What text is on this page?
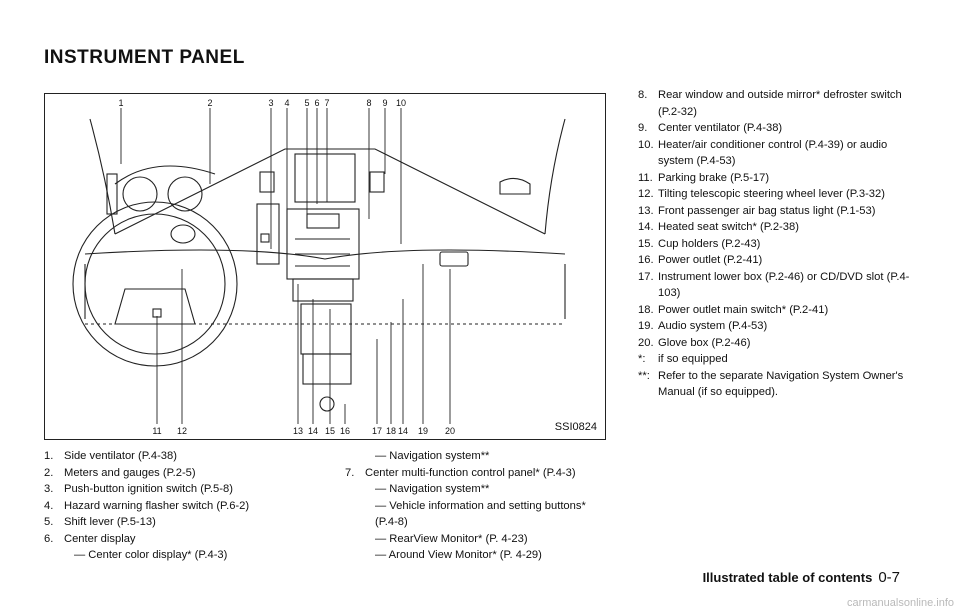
INSTRUMENT PANEL
1	2	3 4 5 6 7	8 9 10
11 12	13 14 15 16 17 18 14 19 20	SSI0824
1. Side ventilator (P.4-38)
2. Meters and gauges (P.2-5)
3. Push-button ignition switch (P.5-8)
4. Hazard warning flasher switch (P.6-2)
5. Shift lever (P.5-13)
6. Center display
— Center color display* (P.4-3)
— Navigation system**
7. Center multi-function control panel* (P.4-3)
— Navigation system**
— Vehicle information and setting buttons*
(P.4-8)
— RearView Monitor* (P. 4-23)
— Around View Monitor* (P. 4-29)
8. Rear window and outside mirror* defroster switch (P.2-32)
9. Center ventilator (P.4-38)
10. Heater/air conditioner control (P.4-39) or audio system (P.4-53)
11. Parking brake (P.5-17)
12. Tilting telescopic steering wheel lever (P.3-32)
13. Front passenger air bag status light (P.1-53)
14. Heated seat switch* (P.2-38)
15. Cup holders (P.2-43)
16. Power outlet (P.2-41)
17. Instrument lower box (P.2-46) or CD/DVD slot (P.4-103)
18. Power outlet main switch* (P.2-41)
19. Audio system (P.4-53)
20. Glove box (P.2-46)
*: if so equipped
**: Refer to the separate Navigation System Owner's Manual (if so equipped).
Illustrated table of contents 0-7
carmanualsonline.info
